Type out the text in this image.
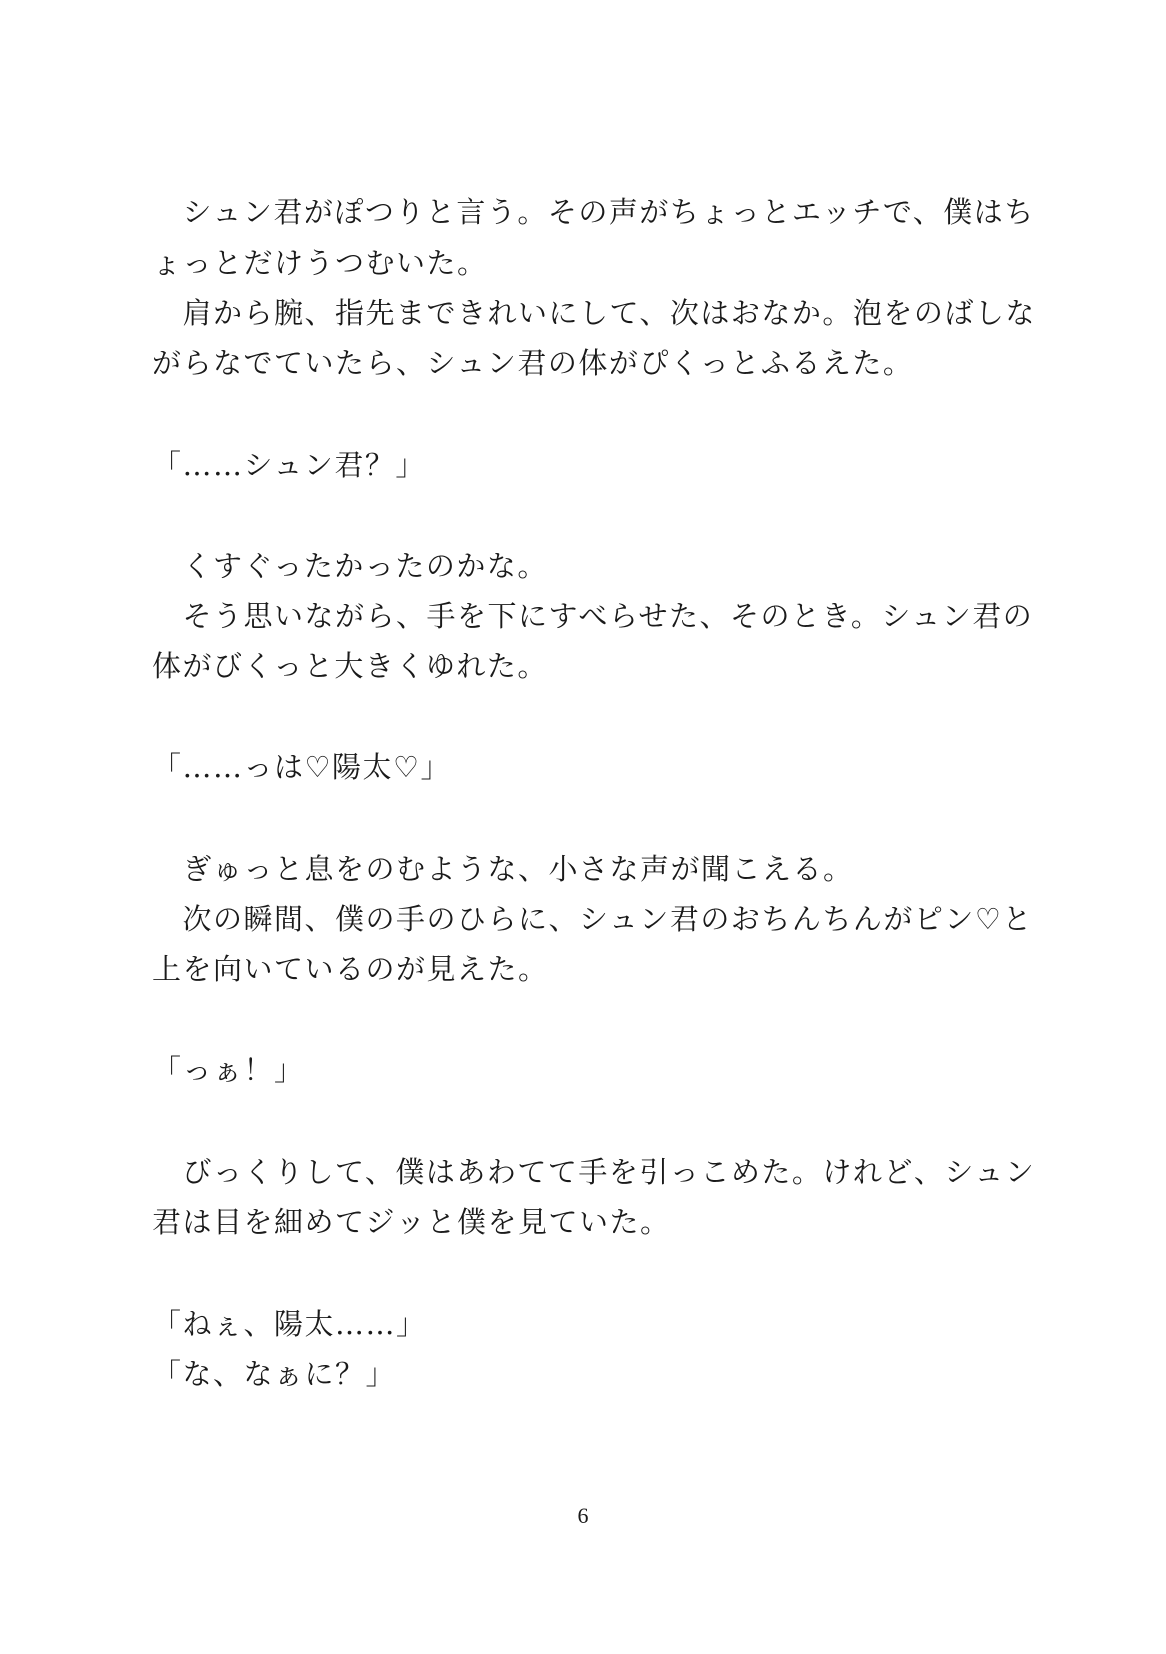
　シュン君がぽつりと言う。その声がちょっとエッチで、僕はち
ょっとだけうつむいた。
　肩から腕、指先まできれいにして、次はおなか。泡をのばしな
がらなでていたら、シュン君の体がぴくっとふるえた。
「……シュン君？」
　くすぐったかったのかな。
　そう思いながら、手を下にすべらせた、そのとき。シュン君の
体がびくっと大きくゆれた。
「……っは♡陽太♡」
　ぎゅっと息をのむような、小さな声が聞こえる。
　次の瞬間、僕の手のひらに、シュン君のおちんちんがピン♡と
上を向いているのが見えた。
「っぁ！」
　びっくりして、僕はあわてて手を引っこめた。けれど、シュン
君は目を細めてジッと僕を見ていた。
「ねぇ、陽太……」
「な、なぁに？」
6
